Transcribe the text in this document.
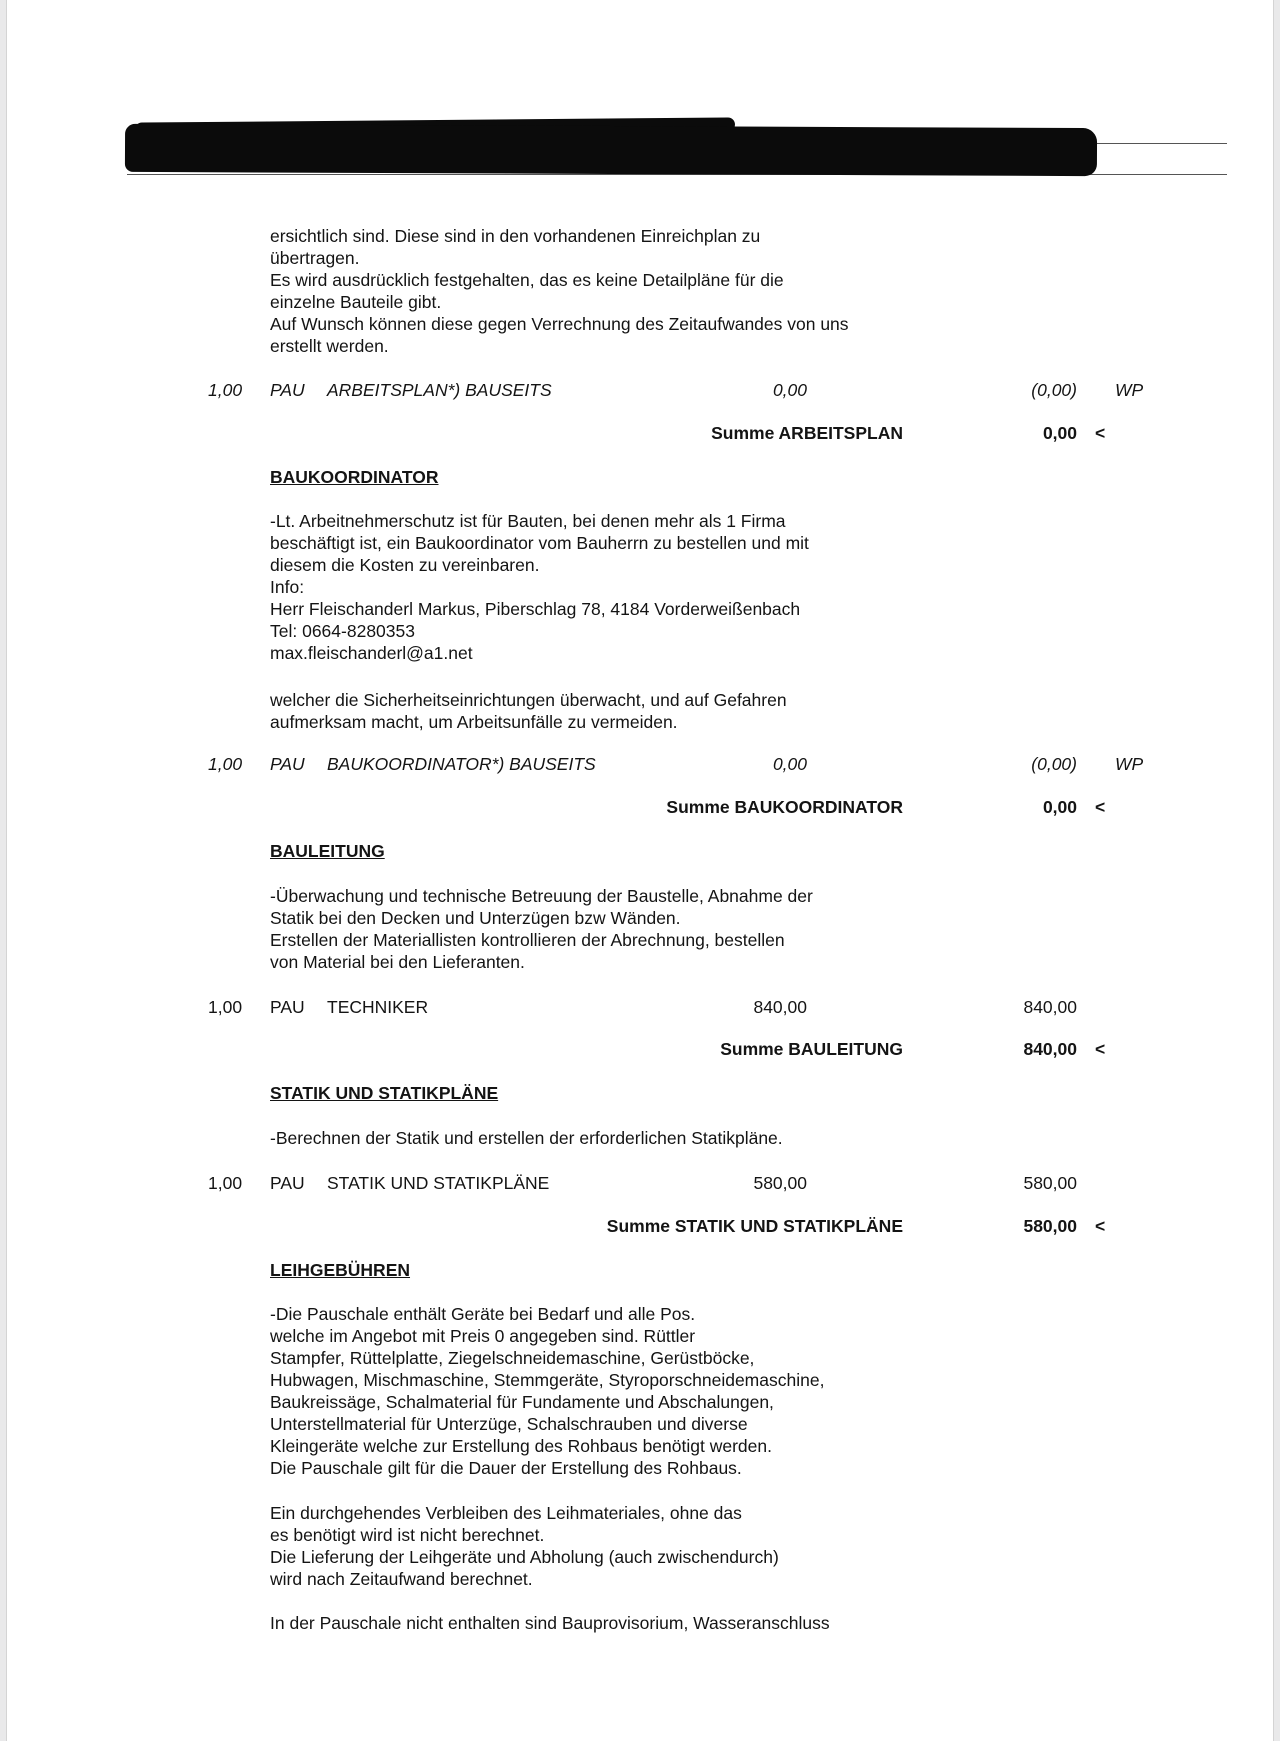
ersichtlich sind. Diese sind in den vorhandenen Einreichplan zu
übertragen.
Es wird ausdrücklich festgehalten, das es keine Detailpläne für die
einzelne Bauteile gibt.
Auf Wunsch können diese gegen Verrechnung des Zeitaufwandes von uns
erstellt werden.
1,00 PAU ARBEITSPLAN*) BAUSEITS	0,00	(0,00) WP
Summe ARBEITSPLAN	0,00 <
BAUKOORDINATOR
-Lt. Arbeitnehmerschutz ist für Bauten, bei denen mehr als 1 Firma
beschäftigt ist, ein Baukoordinator vom Bauherrn zu bestellen und mit
diesem die Kosten zu vereinbaren.
Info:
Herr Fleischanderl Markus, Piberschlag 78, 4184 Vorderweißenbach
Tel: 0664-8280353
max.fleischanderl@a1.net
welcher die Sicherheitseinrichtungen überwacht, und auf Gefahren
aufmerksam macht, um Arbeitsunfälle zu vermeiden.
1,00 PAU BAUKOORDINATOR*) BAUSEITS	0,00	(0,00) WP
Summe BAUKOORDINATOR	0,00 <
BAULEITUNG
-Überwachung und technische Betreuung der Baustelle, Abnahme der
Statik bei den Decken und Unterzügen bzw Wänden.
Erstellen der Materiallisten kontrollieren der Abrechnung, bestellen
von Material bei den Lieferanten.
1,00 PAU TECHNIKER	840,00	840,00
Summe BAULEITUNG	840,00 <
STATIK UND STATIKPLÄNE
-Berechnen der Statik und erstellen der erforderlichen Statikpläne.
1,00 PAU STATIK UND STATIKPLÄNE	580,00	580,00
Summe STATIK UND STATIKPLÄNE	580,00 <
LEIHGEBÜHREN
-Die Pauschale enthält Geräte bei Bedarf und alle Pos.
welche im Angebot mit Preis 0 angegeben sind. Rüttler
Stampfer, Rüttelplatte, Ziegelschneidemaschine, Gerüstböcke,
Hubwagen, Mischmaschine, Stemmgeräte, Styroporschneidemaschine,
Baukreissäge, Schalmaterial für Fundamente und Abschalungen,
Unterstellmaterial für Unterzüge, Schalschrauben und diverse
Kleingeräte welche zur Erstellung des Rohbaus benötigt werden.
Die Pauschale gilt für die Dauer der Erstellung des Rohbaus.
Ein durchgehendes Verbleiben des Leihmateriales, ohne das
es benötigt wird ist nicht berechnet.
Die Lieferung der Leihgeräte und Abholung (auch zwischendurch)
wird nach Zeitaufwand berechnet.
In der Pauschale nicht enthalten sind Bauprovisorium, Wasseranschluss
